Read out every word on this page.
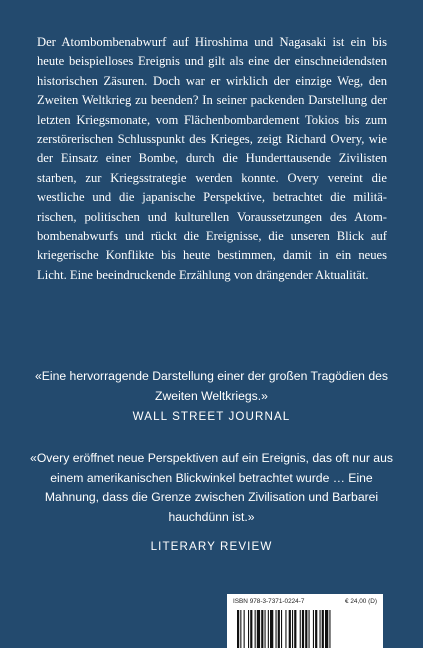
Der Atombombenabwurf auf Hiroshima und Nagasaki ist ein bis heute beispielloses Ereignis und gilt als eine der einschneidendsten historischen Zäsuren. Doch war er wirklich der einzige Weg, den Zweiten Weltkrieg zu beenden? In seiner packenden Darstellung der letzten Kriegsmonate, vom Flächenbombardement Tokios bis zum zerstörerischen Schlusspunkt des Krieges, zeigt Richard Overy, wie der Einsatz einer Bombe, durch die Hunderttausende Zivilisten starben, zur Kriegsstrategie werden konnte. Overy vereint die westliche und die japanische Perspektive, betrachtet die militärischen, politischen und kulturellen Voraussetzungen des Atombombenabwurfs und rückt die Ereignisse, die unseren Blick auf kriegerische Konflikte bis heute bestimmen, damit in ein neues Licht. Eine beeindruckende Erzählung von drängender Aktualität.

«Eine hervorragende Darstellung einer der großen Tragödien des Zweiten Weltkriegs.»

WALL STREET JOURNAL

«Overy eröffnet neue Perspektiven auf ein Ereignis, das oft nur aus einem amerikanischen Blickwinkel betrachtet wurde … Eine Mahnung, dass die Grenze zwischen Zivilisation und Barbarei hauchdünn ist.»

LITERARY REVIEW

ISBN 978-3-7371-0224-7	€ 24,00 (D)
